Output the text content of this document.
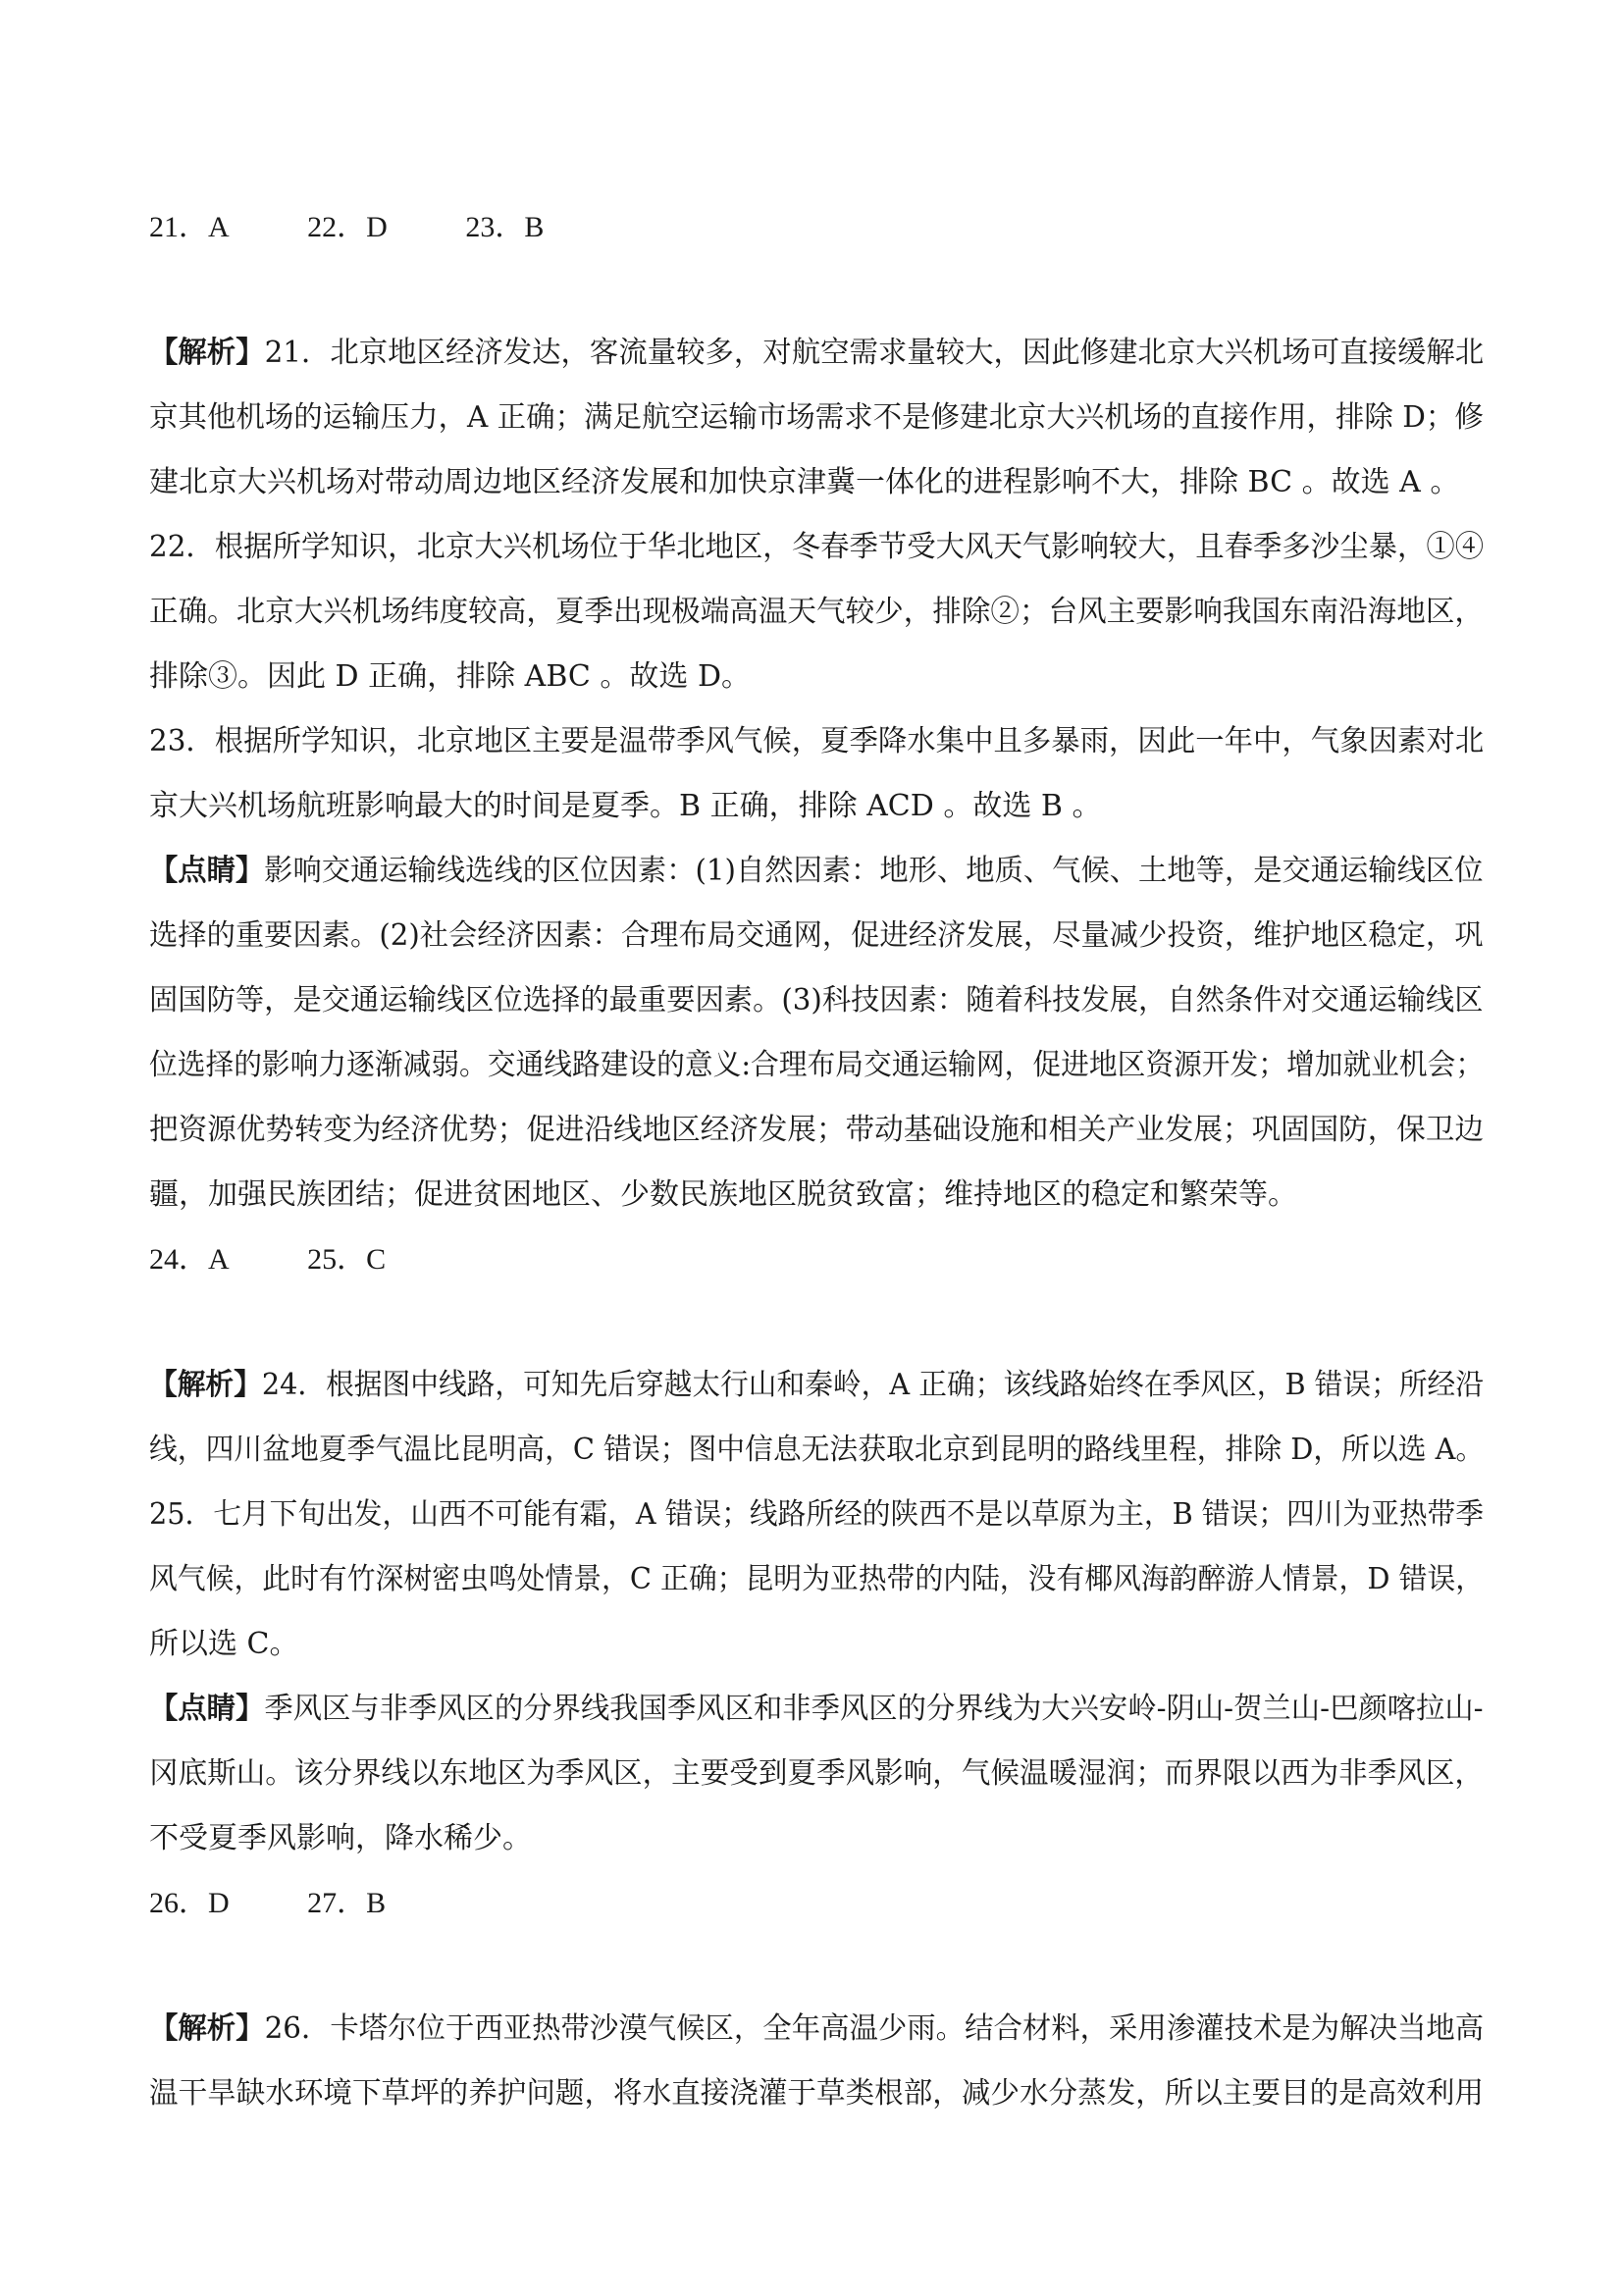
21．A	22．D	23．B
【解析】21．北京地区经济发达，客流量较多，对航空需求量较大，因此修建北京大兴机场可直接缓解北
京其他机场的运输压力，A 正确；满足航空运输市场需求不是修建北京大兴机场的直接作用，排除 D；修
建北京大兴机场对带动周边地区经济发展和加快京津冀一体化的进程影响不大，排除 BC 。故选 A 。
22．根据所学知识，北京大兴机场位于华北地区，冬春季节受大风天气影响较大，且春季多沙尘暴，①④
正确。北京大兴机场纬度较高，夏季出现极端高温天气较少，排除②；台风主要影响我国东南沿海地区，
排除③。因此 D 正确，排除 ABC 。故选 D。
23．根据所学知识，北京地区主要是温带季风气候，夏季降水集中且多暴雨，因此一年中，气象因素对北
京大兴机场航班影响最大的时间是夏季。B 正确，排除 ACD 。故选 B 。
【点睛】影响交通运输线选线的区位因素：(1)自然因素：地形、地质、气候、土地等，是交通运输线区位
选择的重要因素。(2)社会经济因素：合理布局交通网，促进经济发展，尽量减少投资，维护地区稳定，巩
固国防等，是交通运输线区位选择的最重要因素。(3)科技因素：随着科技发展，自然条件对交通运输线区
位选择的影响力逐渐减弱。交通线路建设的意义:合理布局交通运输网，促进地区资源开发；增加就业机会；
把资源优势转变为经济优势；促进沿线地区经济发展；带动基础设施和相关产业发展；巩固国防，保卫边
疆，加强民族团结；促进贫困地区、少数民族地区脱贫致富；维持地区的稳定和繁荣等。
24．A	25．C
【解析】24．根据图中线路，可知先后穿越太行山和秦岭，A 正确；该线路始终在季风区，B 错误；所经沿
线，四川盆地夏季气温比昆明高，C 错误；图中信息无法获取北京到昆明的路线里程，排除 D，所以选 A。
25．七月下旬出发，山西不可能有霜，A 错误；线路所经的陕西不是以草原为主，B 错误；四川为亚热带季
风气候，此时有竹深树密虫鸣处情景，C 正确；昆明为亚热带的内陆，没有椰风海韵醉游人情景，D 错误，
所以选 C。
【点睛】季风区与非季风区的分界线我国季风区和非季风区的分界线为大兴安岭-阴山-贺兰山-巴颜喀拉山-
冈底斯山。该分界线以东地区为季风区，主要受到夏季风影响，气候温暖湿润；而界限以西为非季风区，
不受夏季风影响，降水稀少。
26．D	27．B
【解析】26．卡塔尔位于西亚热带沙漠气候区，全年高温少雨。结合材料，采用渗灌技术是为解决当地高
温干旱缺水环境下草坪的养护问题，将水直接浇灌于草类根部，减少水分蒸发，所以主要目的是高效利用
